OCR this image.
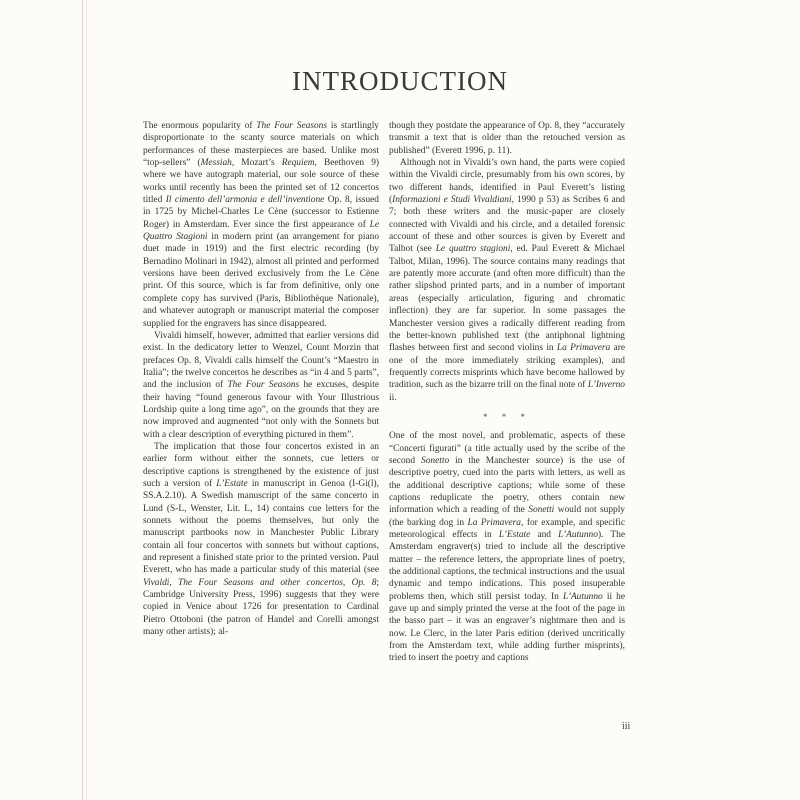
INTRODUCTION

The enormous popularity of The Four Seasons is startlingly disproportionate to the scanty source materials on which performances of these masterpieces are based. Unlike most “top-sellers” (Messiah, Mozart’s Requiem, Beethoven 9) where we have autograph material, our sole source of these works until recently has been the printed set of 12 concertos titled Il cimento dell’armonia e dell’inventione Op. 8, issued in 1725 by Michel-Charles Le Cène (successor to Estienne Roger) in Amsterdam. Ever since the first appearance of Le Quattro Stagioni in modern print (an arrangement for piano duet made in 1919) and the first electric recording (by Bernadino Molinari in 1942), almost all printed and performed versions have been derived exclusively from the Le Cène print. Of this source, which is far from definitive, only one complete copy has survived (Paris, Bibliothèque Nationale), and whatever autograph or manuscript material the composer supplied for the engravers has since disappeared.

Vivaldi himself, however, admitted that earlier versions did exist. In the dedicatory letter to Wenzel, Count Morzin that prefaces Op. 8, Vivaldi calls himself the Count’s “Maestro in Italia”; the twelve concertos he describes as “in 4 and 5 parts”, and the inclusion of The Four Seasons he excuses, despite their having “found generous favour with Your Illustrious Lordship quite a long time ago”, on the grounds that they are now improved and augmented “not only with the Sonnets but with a clear description of everything pictured in them”.

The implication that those four concertos existed in an earlier form without either the sonnets, cue letters or descriptive captions is strengthened by the existence of just such a version of L’Estate in manuscript in Genoa (I-Gi(l), SS.A.2.10). A Swedish manuscript of the same concerto in Lund (S-L, Wenster, Lit. L, 14) contains cue letters for the sonnets without the poems themselves, but only the manuscript partbooks now in Manchester Public Library contain all four concertos with sonnets but without captions, and represent a finished state prior to the printed version. Paul Everett, who has made a particular study of this material (see Vivaldi, The Four Seasons and other concertos, Op. 8; Cambridge University Press, 1996) suggests that they were copied in Venice about 1726 for presentation to Cardinal Pietro Ottoboni (the patron of Handel and Corelli amongst many other artists); al-

though they postdate the appearance of Op. 8, they “accurately transmit a text that is older than the retouched version as published” (Everett 1996, p. 11).

Although not in Vivaldi’s own hand, the parts were copied within the Vivaldi circle, presumably from his own scores, by two different hands, identified in Paul Everett’s listing (Informazioni e Studi Vivaldiani, 1990 p 53) as Scribes 6 and 7; both these writers and the music-paper are closely connected with Vivaldi and his circle, and a detailed forensic account of these and other sources is given by Everett and Talbot (see Le quattro stagioni, ed. Paul Everett & Michael Talbot, Milan, 1996). The source contains many readings that are patently more accurate (and often more difficult) than the rather slipshod printed parts, and in a number of important areas (especially articulation, figuring and chromatic inflection) they are far superior. In some passages the Manchester version gives a radically different reading from the better-known published text (the antiphonal lightning flashes between first and second violins in La Primavera are one of the more immediately striking examples), and frequently corrects misprints which have become hallowed by tradition, such as the bizarre trill on the final note of L’Inverno ii.

* * *

One of the most novel, and problematic, aspects of these “Concerti figurati” (a title actually used by the scribe of the second Sonetto in the Manchester source) is the use of descriptive poetry, cued into the parts with letters, as well as the additional descriptive captions; while some of these captions reduplicate the poetry, others contain new information which a reading of the Sonetti would not supply (the barking dog in La Primavera, for example, and specific meteorological effects in L’Estate and L’Autunno). The Amsterdam engraver(s) tried to include all the descriptive matter – the reference letters, the appropriate lines of poetry, the additional captions, the technical instructions and the usual dynamic and tempo indications. This posed insuperable problems then, which still persist today. In L’Autunno ii he gave up and simply printed the verse at the foot of the page in the basso part – it was an engraver’s nightmare then and is now. Le Clerc, in the later Paris edition (derived uncritically from the Amsterdam text, while adding further misprints), tried to insert the poetry and captions

iii
